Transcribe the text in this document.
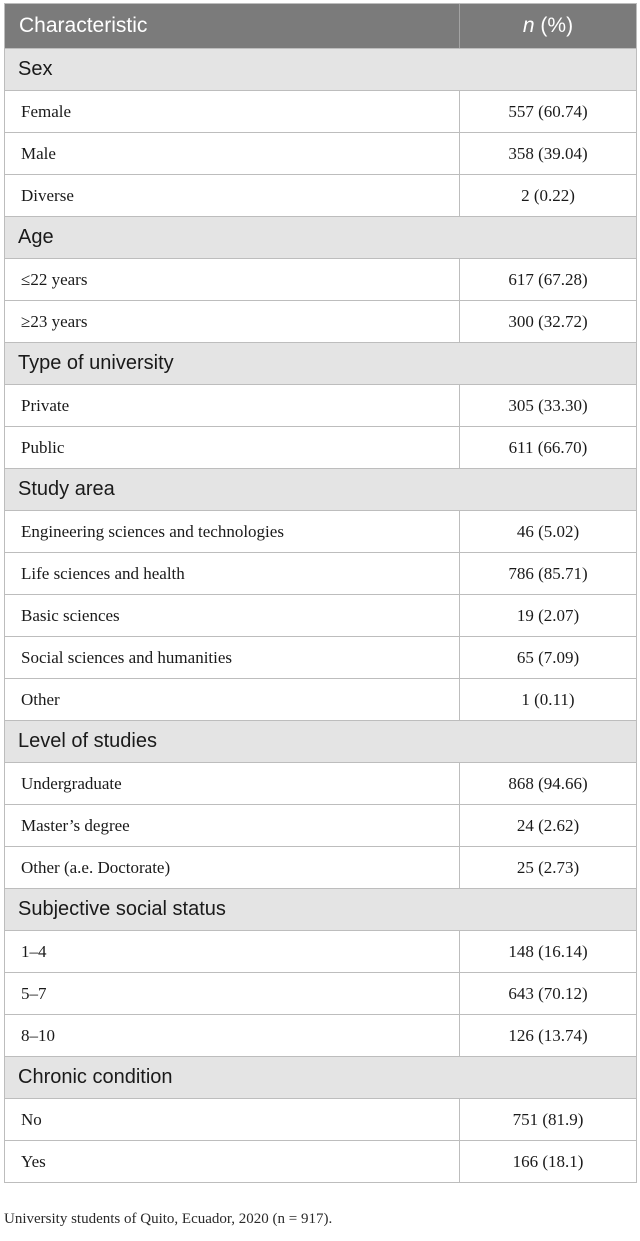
Characteristic	n (%)
Sex
Female	557 (60.74)
Male	358 (39.04)
Diverse	2 (0.22)
Age
≤22 years	617 (67.28)
≥23 years	300 (32.72)
Type of university
Private	305 (33.30)
Public	611 (66.70)
Study area
Engineering sciences and technologies	46 (5.02)
Life sciences and health	786 (85.71)
Basic sciences	19 (2.07)
Social sciences and humanities	65 (7.09)
Other	1 (0.11)
Level of studies
Undergraduate	868 (94.66)
Master’s degree	24 (2.62)
Other (a.e. Doctorate)	25 (2.73)
Subjective social status
1–4	148 (16.14)
5–7	643 (70.12)
8–10	126 (13.74)
Chronic condition
No	751 (81.9)
Yes	166 (18.1)
University students of Quito, Ecuador, 2020 (n = 917).
